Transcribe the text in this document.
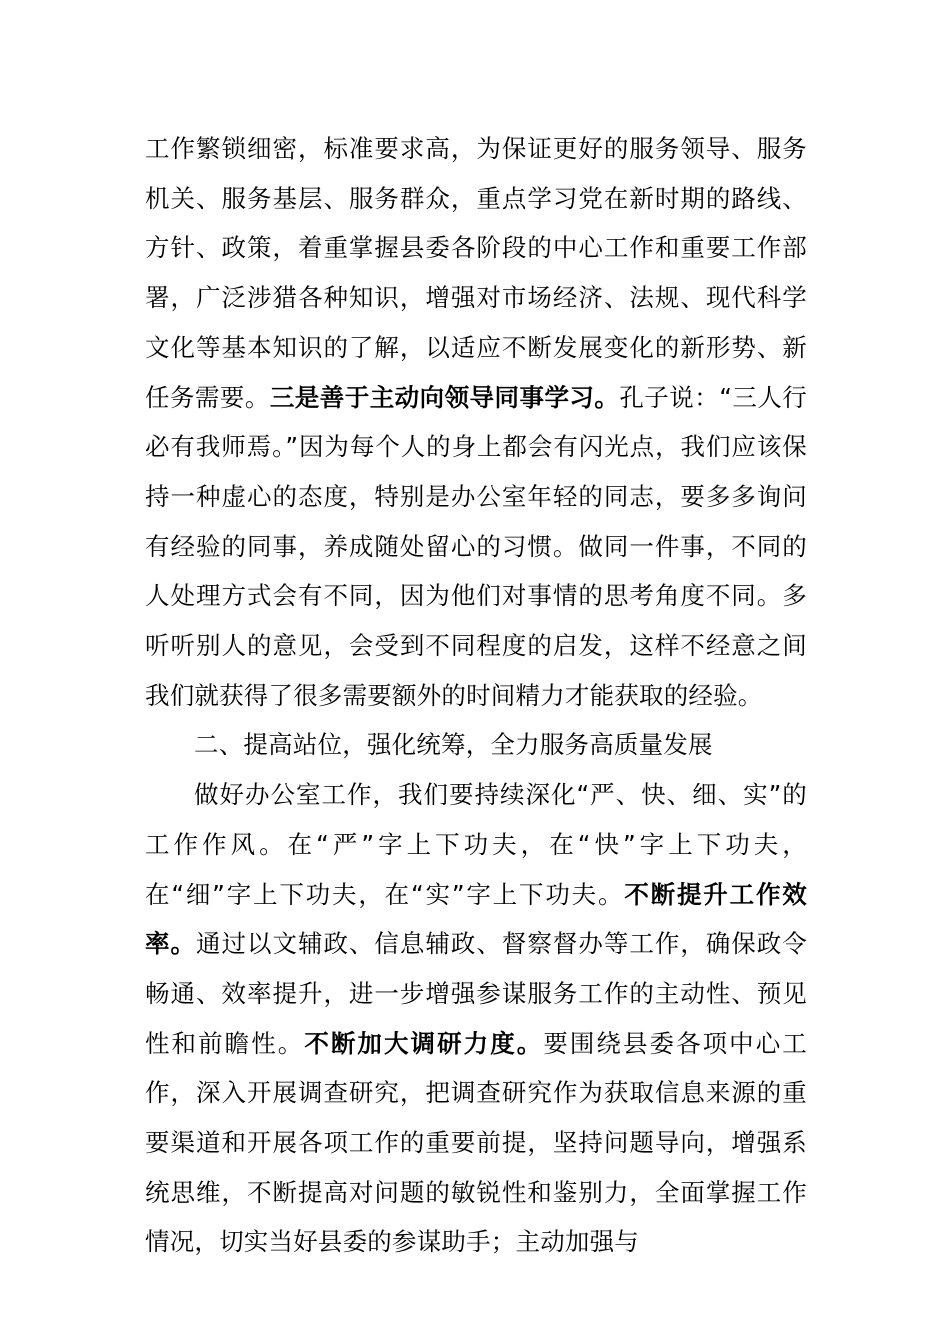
工作繁锁细密，标准要求高，为保证更好的服务领导、服务机关、服务基层、服务群众，重点学习党在新时期的路线、方针、政策，着重掌握县委各阶段的中心工作和重要工作部署，广泛涉猎各种知识，增强对市场经济、法规、现代科学文化等基本知识的了解，以适应不断发展变化的新形势、新任务需要。三是善于主动向领导同事学习。孔子说：“三人行必有我师焉。”因为每个人的身上都会有闪光点，我们应该保持一种虚心的态度，特别是办公室年轻的同志，要多多询问有经验的同事，养成随处留心的习惯。做同一件事，不同的人处理方式会有不同，因为他们对事情的思考角度不同。多听听别人的意见，会受到不同程度的启发，这样不经意之间我们就获得了很多需要额外的时间精力才能获取的经验。

二、提高站位，强化统筹，全力服务高质量发展

做好办公室工作，我们要持续深化“严、快、细、实”的工作作风。在“严”字上下功夫，在“快”字上下功夫，在“细”字上下功夫，在“实”字上下功夫。不断提升工作效率。通过以文辅政、信息辅政、督察督办等工作，确保政令畅通、效率提升，进一步增强参谋服务工作的主动性、预见性和前瞻性。不断加大调研力度。要围绕县委各项中心工作，深入开展调查研究，把调查研究作为获取信息来源的重要渠道和开展各项工作的重要前提，坚持问题导向，增强系统思维，不断提高对问题的敏锐性和鉴别力，全面掌握工作情况，切实当好县委的参谋助手；主动加强与
